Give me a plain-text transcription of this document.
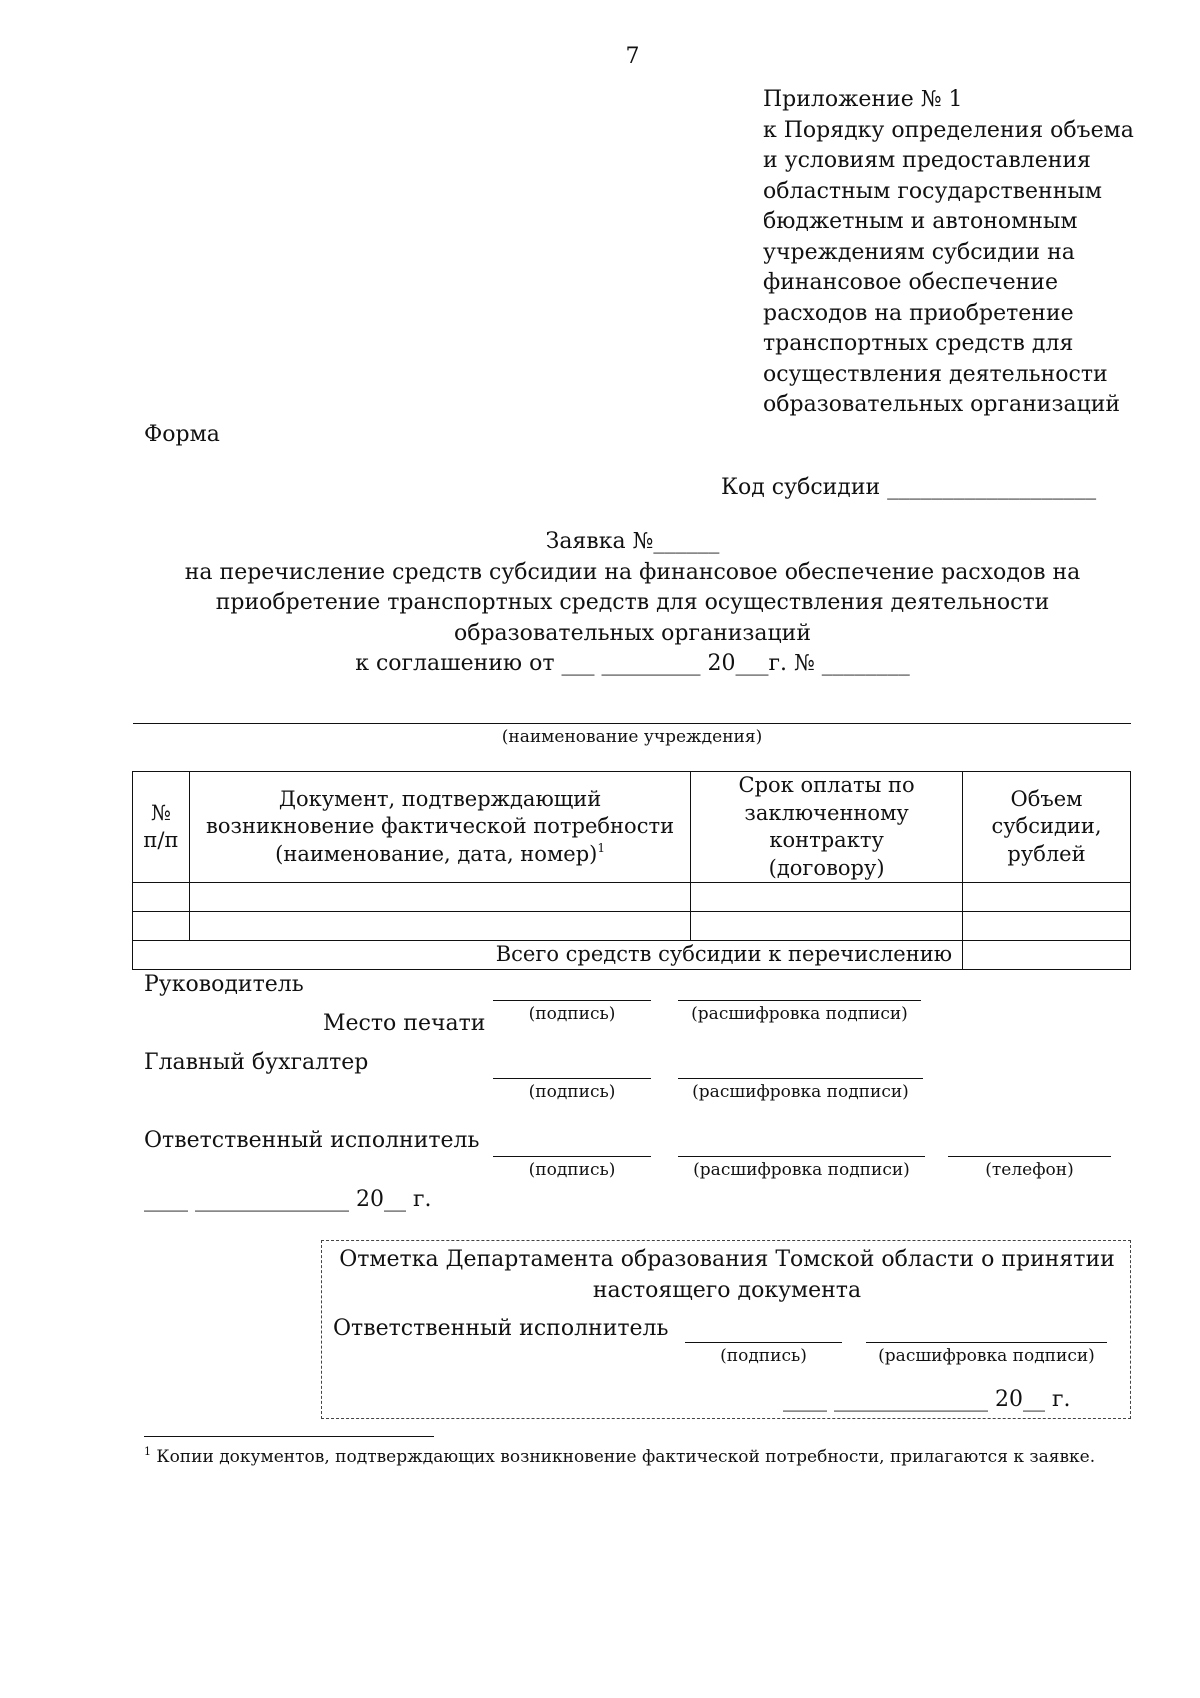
7
Приложение № 1
к Порядку определения объема
и условиям предоставления
областным государственным
бюджетным и автономным
учреждениям субсидии на
финансовое обеспечение
расходов на приобретение
транспортных средств для
осуществления деятельности
образовательных организаций
Форма
Код субсидии ___________________
Заявка №______
на перечисление средств субсидии на финансовое обеспечение расходов на
приобретение транспортных средств для осуществления деятельности
образовательных организаций
к соглашению от ___ _________ 20___г. № ________
(наименование учреждения)
№ п/п	Документ, подтверждающий возникновение фактической потребности (наименование, дата, номер)$^1$	Срок оплаты по заключенному контракту (договору)	Объем субсидии, рублей

Всего средств субсидии к перечислению			
Руководитель
(подпись)	(расшифровка подписи)
Место печати
Главный бухгалтер
(подпись)	(расшифровка подписи)
Ответственный исполнитель
(подпись)	(расшифровка подписи)	(телефон)
____ ______________ 20__ г.
Отметка Департамента образования Томской области о принятии
настоящего документа
Ответственный исполнитель
(подпись)	(расшифровка подписи)
____ ______________ 20__ г.
$^1$ Копии документов, подтверждающих возникновение фактической потребности, прилагаются к заявке.
